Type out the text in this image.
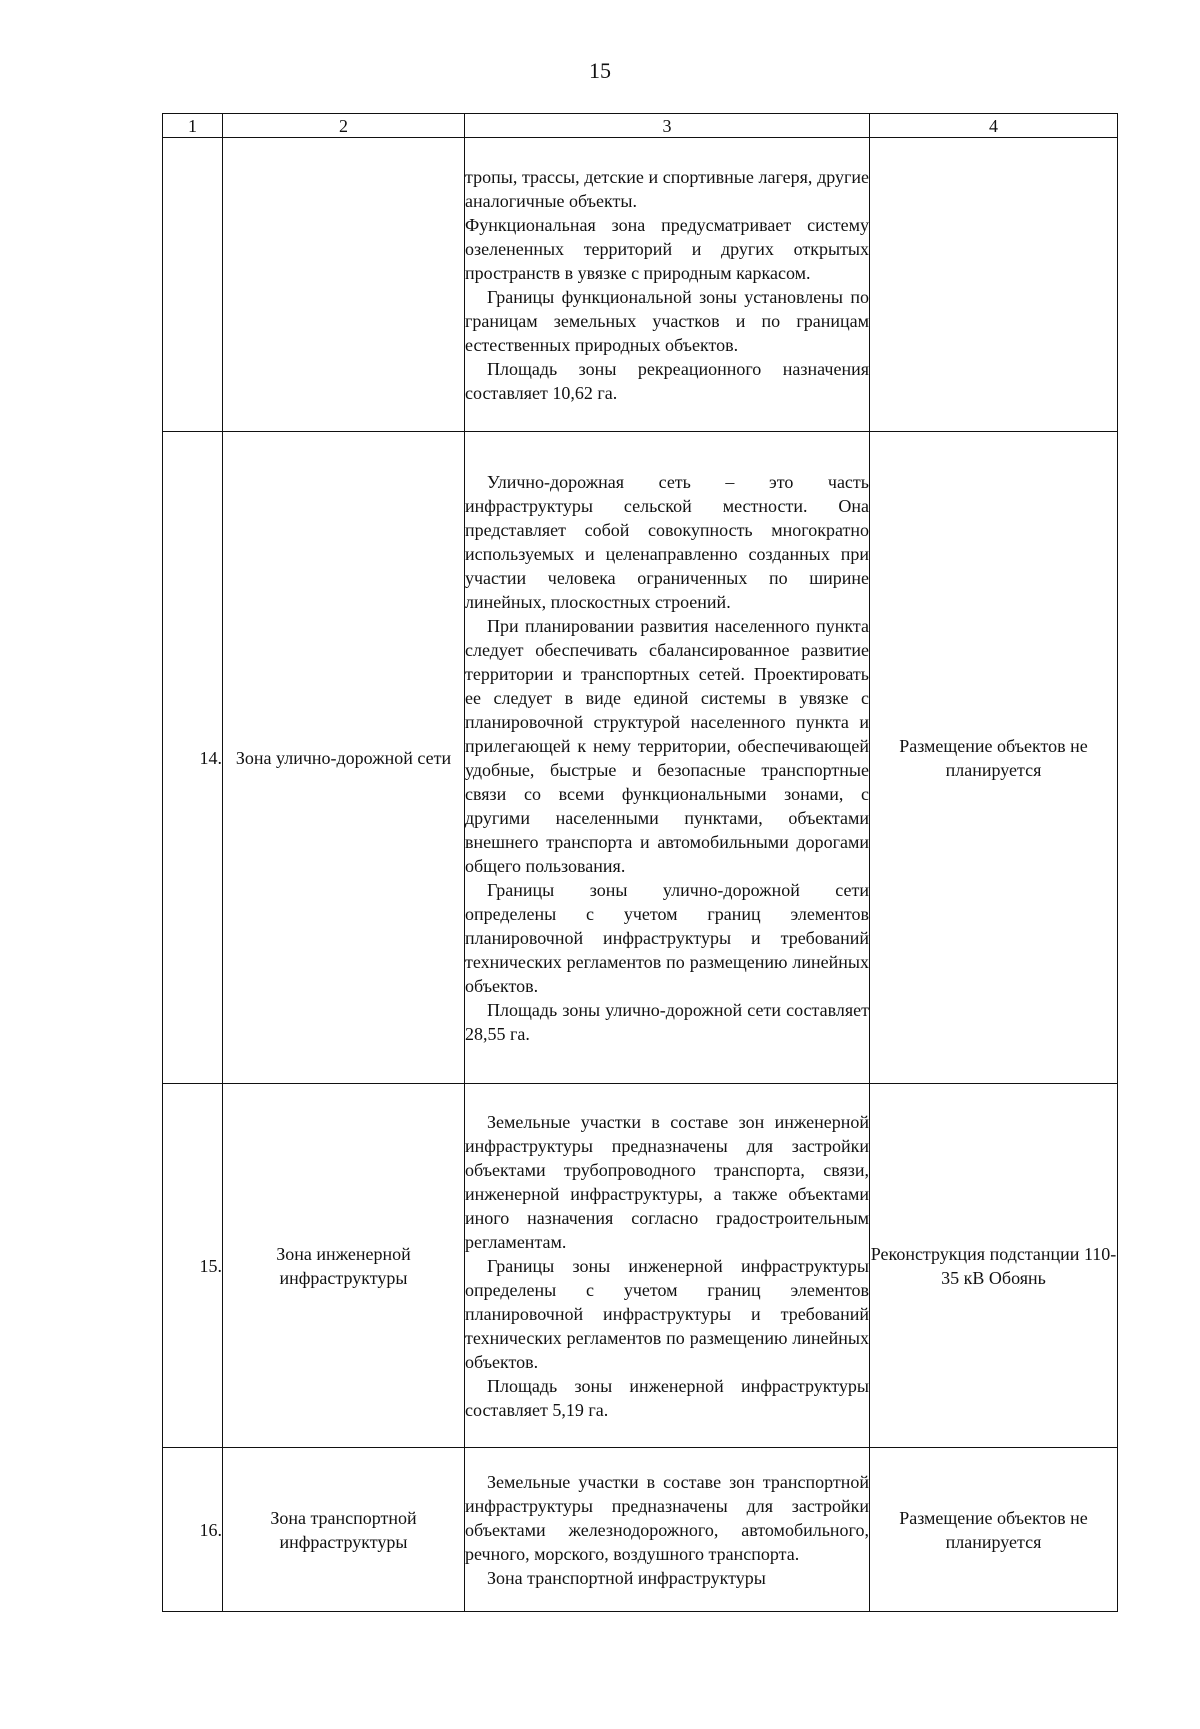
15
1	2	3	4

		тропы, трассы, детские и спортивные лагеря, другие аналогичные объекты.

Функциональная зона предусматривает систему озелененных территорий и других открытых пространств в увязке с природным каркасом.

Границы функциональной зоны установлены по границам земельных участков и по границам естественных природных объектов.

Площадь зоны рекреационного назначения составляет 10,62 га.	

14.	Зона улично-дорожной сети	Улично-дорожная сеть – это часть инфраструктуры сельской местности. Она представляет собой совокупность многократно используемых и целенаправленно созданных при участии человека ограниченных по ширине линейных, плоскостных строений.

При планировании развития населенного пункта следует обеспечивать сбалансированное развитие территории и транспортных сетей. Проектировать ее следует в виде единой системы в увязке с планировочной структурой населенного пункта и прилегающей к нему территории, обеспечивающей удобные, быстрые и безопасные транспортные связи со всеми функциональными зонами, с другими населенными пунктами, объектами внешнего транспорта и автомобильными дорогами общего пользования.

Границы зоны улично-дорожной сети определены с учетом границ элементов планировочной инфраструктуры и требований технических регламентов по размещению линейных объектов.

Площадь зоны улично-дорожной сети составляет 28,55 га.	Размещение объектов не планируется
15.	Зона инженерной инфраструктуры	Земельные участки в составе зон инженерной инфраструктуры предназначены для застройки объектами трубопроводного транспорта, связи, инженерной инфраструктуры, а также объектами иного назначения согласно градостроительным регламентам.

Границы зоны инженерной инфраструктуры определены с учетом границ элементов планировочной инфраструктуры и требований технических регламентов по размещению линейных объектов.

Площадь зоны инженерной инфраструктуры составляет 5,19 га.	Реконструкция подстанции 110-35 кВ Обоянь
16.	Зона транспортной инфраструктуры	Земельные участки в составе зон транспортной инфраструктуры предназначены для застройки объектами железнодорожного, автомобильного, речного, морского, воздушного транспорта.

Зона транспортной инфраструктуры	Размещение объектов не планируется
